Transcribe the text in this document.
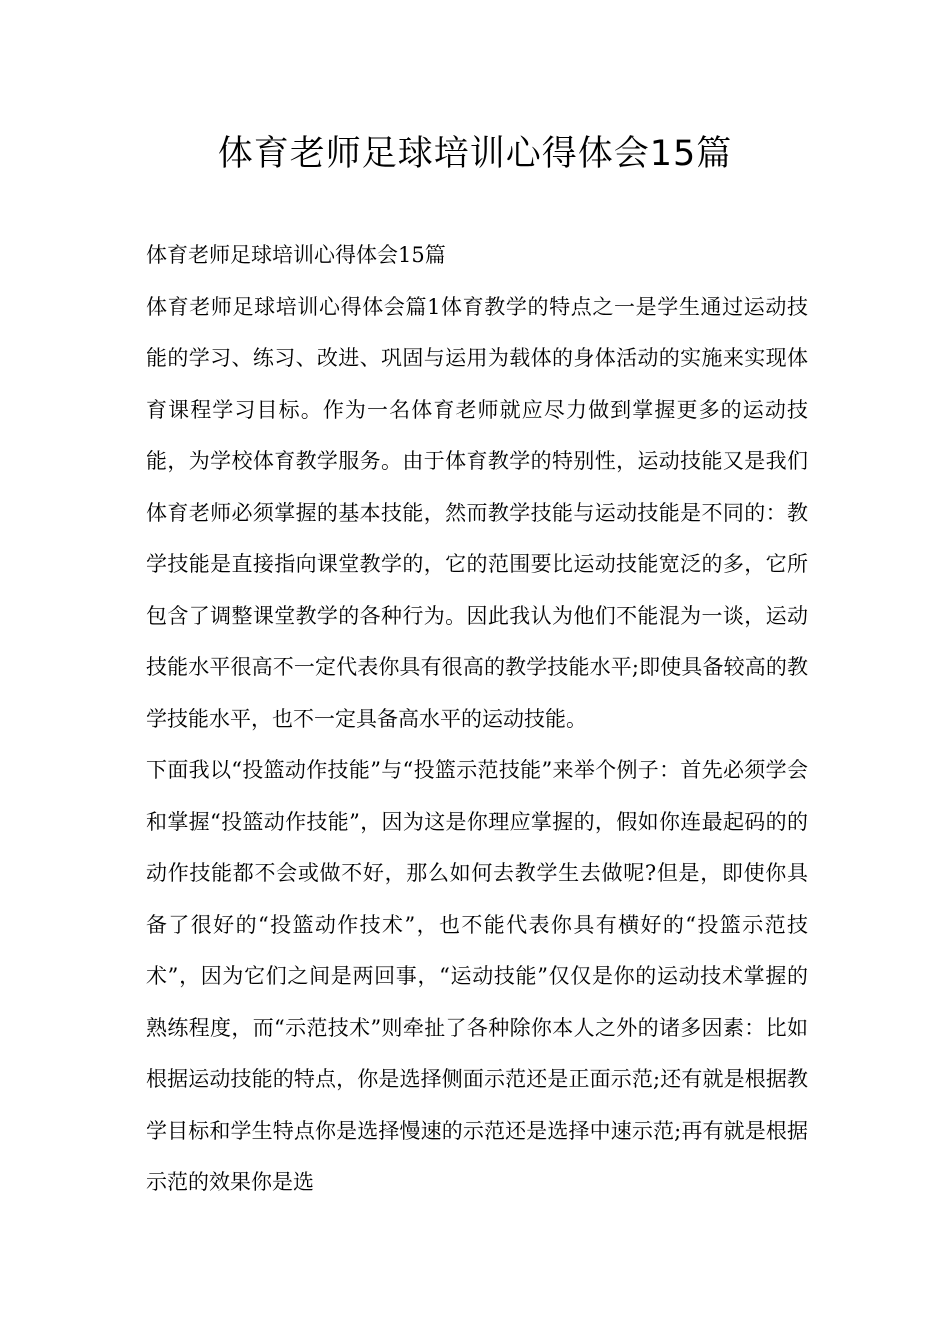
体育老师足球培训心得体会15篇

体育老师足球培训心得体会15篇

体育老师足球培训心得体会篇1体育教学的特点之一是学生通过运动技能的学习、练习、改进、巩固与运用为载体的身体活动的实施来实现体育课程学习目标。作为一名体育老师就应尽力做到掌握更多的运动技能，为学校体育教学服务。由于体育教学的特别性，运动技能又是我们体育老师必须掌握的基本技能，然而教学技能与运动技能是不同的：教学技能是直接指向课堂教学的，它的范围要比运动技能宽泛的多，它所包含了调整课堂教学的各种行为。因此我认为他们不能混为一谈，运动技能水平很高不一定代表你具有很高的教学技能水平;即使具备较高的教学技能水平，也不一定具备高水平的运动技能。

下面我以“投篮动作技能”与“投篮示范技能”来举个例子：首先必须学会和掌握“投篮动作技能”，因为这是你理应掌握的，假如你连最起码的的动作技能都不会或做不好，那么如何去教学生去做呢?但是，即使你具备了很好的“投篮动作技术”，也不能代表你具有横好的“投篮示范技术”，因为它们之间是两回事，“运动技能”仅仅是你的运动技术掌握的熟练程度，而“示范技术”则牵扯了各种除你本人之外的诸多因素：比如根据运动技能的特点，你是选择侧面示范还是正面示范;还有就是根据教学目标和学生特点你是选择慢速的示范还是选择中速示范;再有就是根据示范的效果你是选
